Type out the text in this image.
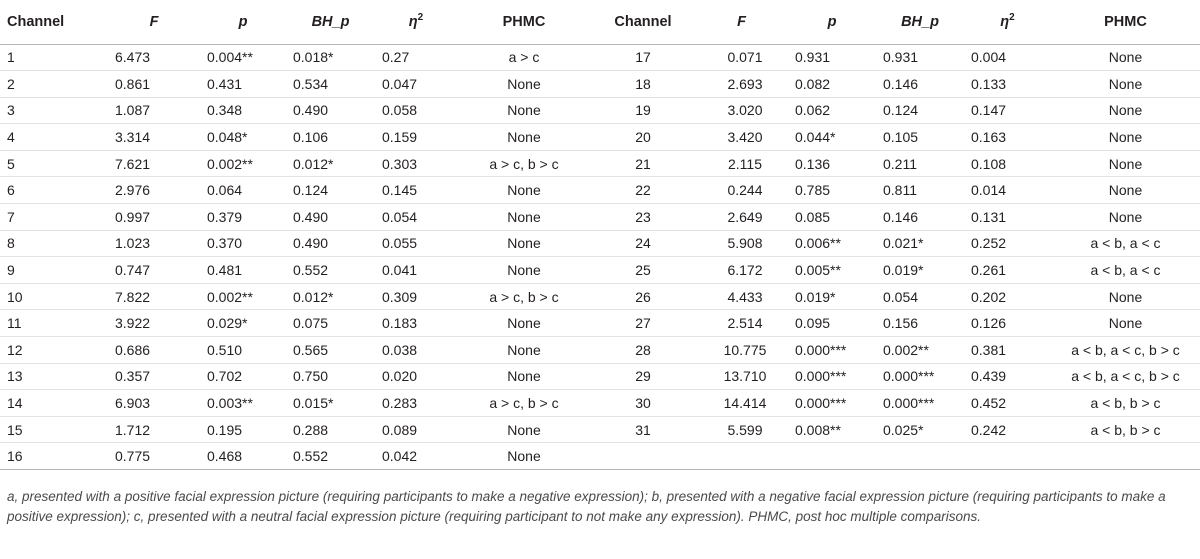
Channel	F	p	BH_p	$\eta^2$	PHMC	Channel	F	p	BH_p	$\eta^2$	PHMC
1	6.473	0.004**	0.018*	0.27	a > c	17	0.071	0.931	0.931	0.004	None
2	0.861	0.431	0.534	0.047	None	18	2.693	0.082	0.146	0.133	None
3	1.087	0.348	0.490	0.058	None	19	3.020	0.062	0.124	0.147	None
4	3.314	0.048*	0.106	0.159	None	20	3.420	0.044*	0.105	0.163	None
5	7.621	0.002**	0.012*	0.303	a > c, b > c	21	2.115	0.136	0.211	0.108	None
6	2.976	0.064	0.124	0.145	None	22	0.244	0.785	0.811	0.014	None
7	0.997	0.379	0.490	0.054	None	23	2.649	0.085	0.146	0.131	None
8	1.023	0.370	0.490	0.055	None	24	5.908	0.006**	0.021*	0.252	a < b, a < c
9	0.747	0.481	0.552	0.041	None	25	6.172	0.005**	0.019*	0.261	a < b, a < c
10	7.822	0.002**	0.012*	0.309	a > c, b > c	26	4.433	0.019*	0.054	0.202	None
11	3.922	0.029*	0.075	0.183	None	27	2.514	0.095	0.156	0.126	None
12	0.686	0.510	0.565	0.038	None	28	10.775	0.000***	0.002**	0.381	a < b, a < c, b > c
13	0.357	0.702	0.750	0.020	None	29	13.710	0.000***	0.000***	0.439	a < b, a < c, b > c
14	6.903	0.003**	0.015*	0.283	a > c, b > c	30	14.414	0.000***	0.000***	0.452	a < b, b > c
15	1.712	0.195	0.288	0.089	None	31	5.599	0.008**	0.025*	0.242	a < b, b > c
16	0.775	0.468	0.552	0.042	None						

a, presented with a positive facial expression picture (requiring participants to make a negative expression); b, presented with a negative facial expression picture (requiring participants to make a positive expression); c, presented with a neutral facial expression picture (requiring participant to not make any expression). PHMC, post hoc multiple comparisons.
